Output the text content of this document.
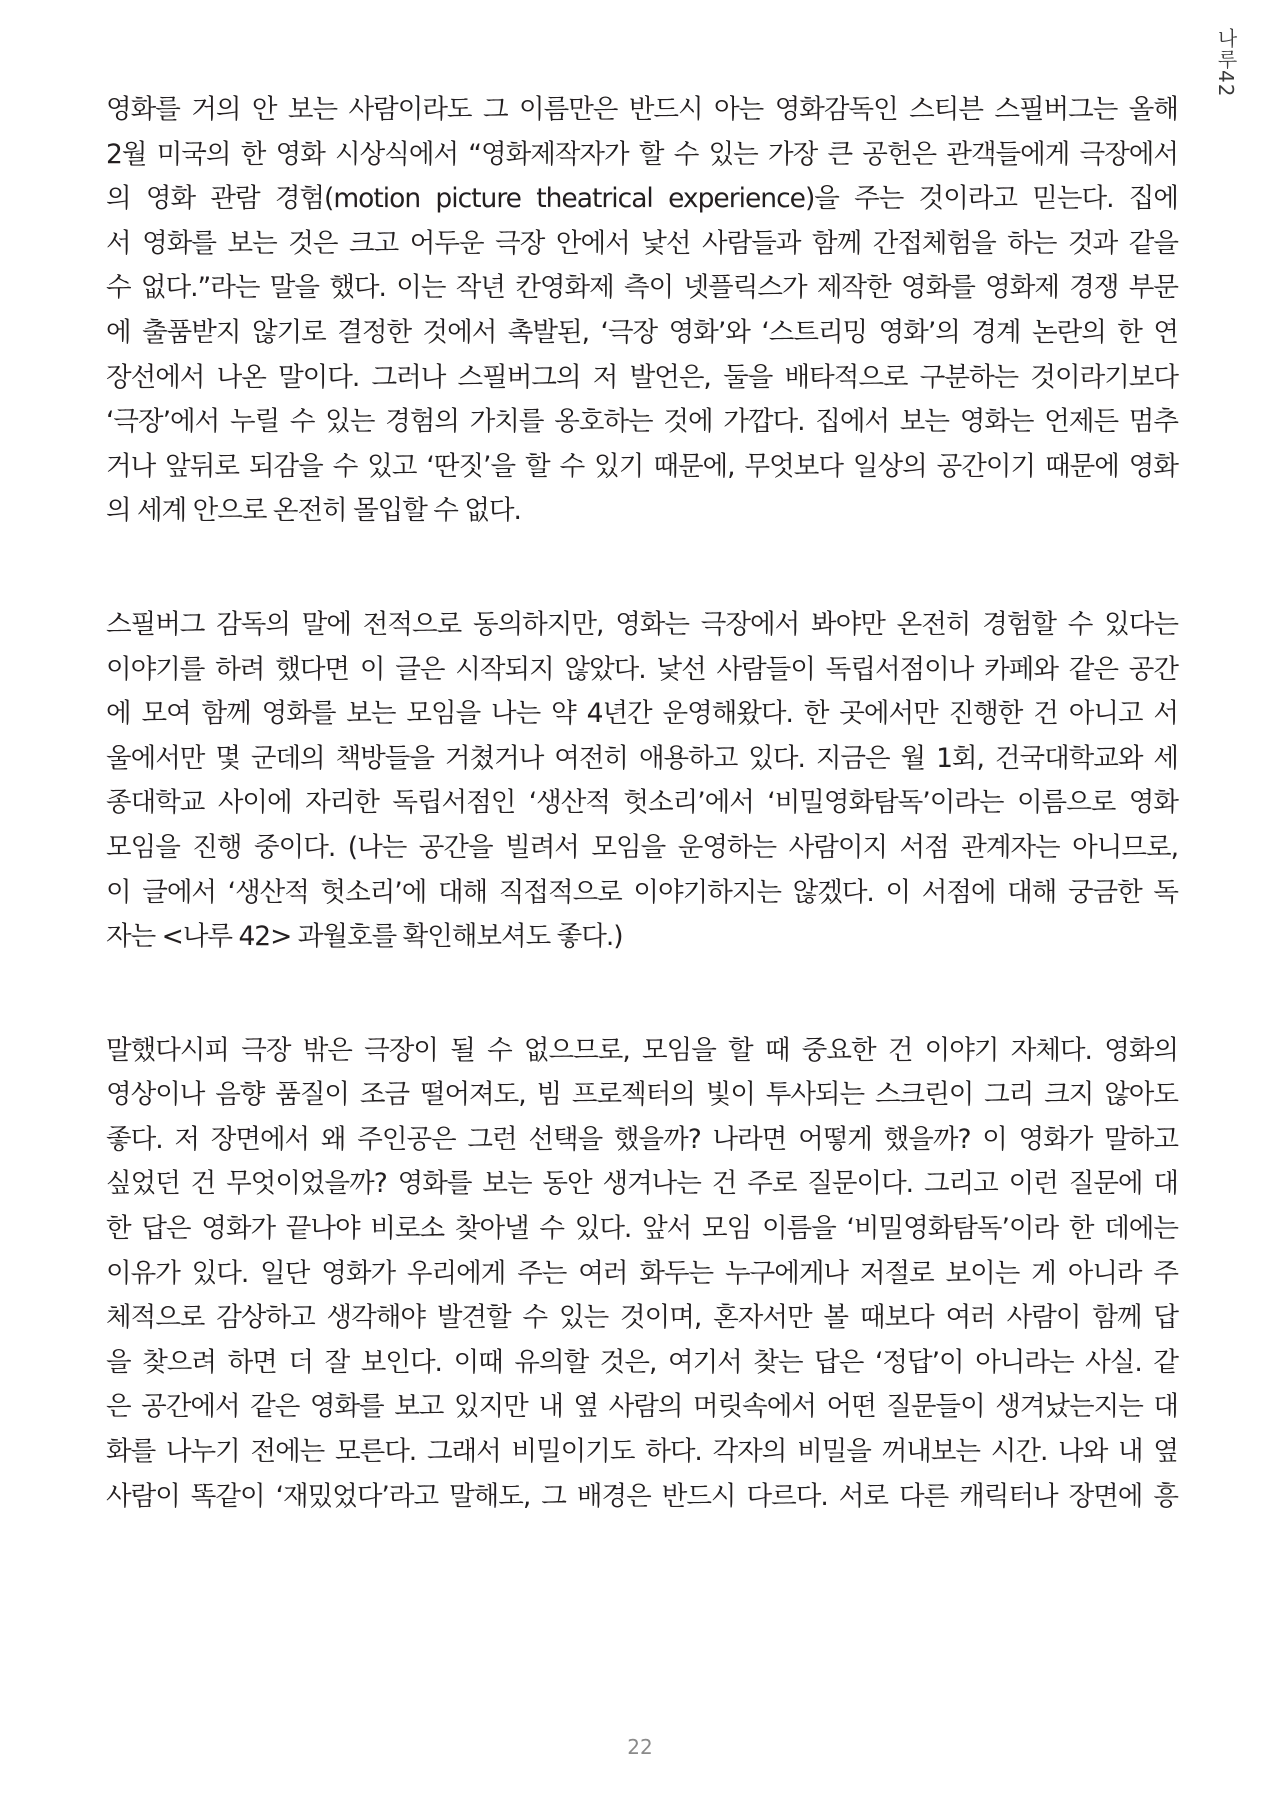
나루42
영화를 거의 안 보는 사람이라도 그 이름만은 반드시 아는 영화감독인 스티븐 스필버그는 올해
2월 미국의 한 영화 시상식에서 “영화제작자가 할 수 있는 가장 큰 공헌은 관객들에게 극장에서
의 영화 관람 경험(motion picture theatrical experience)을 주는 것이라고 믿는다. 집에
서 영화를 보는 것은 크고 어두운 극장 안에서 낯선 사람들과 함께 간접체험을 하는 것과 같을
수 없다.”라는 말을 했다. 이는 작년 칸영화제 측이 넷플릭스가 제작한 영화를 영화제 경쟁 부문
에 출품받지 않기로 결정한 것에서 촉발된, ‘극장 영화’와 ‘스트리밍 영화’의 경계 논란의 한 연
장선에서 나온 말이다. 그러나 스필버그의 저 발언은, 둘을 배타적으로 구분하는 것이라기보다
‘극장’에서 누릴 수 있는 경험의 가치를 옹호하는 것에 가깝다. 집에서 보는 영화는 언제든 멈추
거나 앞뒤로 되감을 수 있고 ‘딴짓’을 할 수 있기 때문에, 무엇보다 일상의 공간이기 때문에 영화
의 세계 안으로 온전히 몰입할 수 없다.
스필버그 감독의 말에 전적으로 동의하지만, 영화는 극장에서 봐야만 온전히 경험할 수 있다는
이야기를 하려 했다면 이 글은 시작되지 않았다. 낯선 사람들이 독립서점이나 카페와 같은 공간
에 모여 함께 영화를 보는 모임을 나는 약 4년간 운영해왔다. 한 곳에서만 진행한 건 아니고 서
울에서만 몇 군데의 책방들을 거쳤거나 여전히 애용하고 있다. 지금은 월 1회, 건국대학교와 세
종대학교 사이에 자리한 독립서점인 ‘생산적 헛소리’에서 ‘비밀영화탐독’이라는 이름으로 영화
모임을 진행 중이다. (나는 공간을 빌려서 모임을 운영하는 사람이지 서점 관계자는 아니므로,
이 글에서 ‘생산적 헛소리’에 대해 직접적으로 이야기하지는 않겠다. 이 서점에 대해 궁금한 독
자는 <나루 42> 과월호를 확인해보셔도 좋다.)
말했다시피 극장 밖은 극장이 될 수 없으므로, 모임을 할 때 중요한 건 이야기 자체다. 영화의
영상이나 음향 품질이 조금 떨어져도, 빔 프로젝터의 빛이 투사되는 스크린이 그리 크지 않아도
좋다. 저 장면에서 왜 주인공은 그런 선택을 했을까? 나라면 어떻게 했을까? 이 영화가 말하고
싶었던 건 무엇이었을까? 영화를 보는 동안 생겨나는 건 주로 질문이다. 그리고 이런 질문에 대
한 답은 영화가 끝나야 비로소 찾아낼 수 있다. 앞서 모임 이름을 ‘비밀영화탐독’이라 한 데에는
이유가 있다. 일단 영화가 우리에게 주는 여러 화두는 누구에게나 저절로 보이는 게 아니라 주
체적으로 감상하고 생각해야 발견할 수 있는 것이며, 혼자서만 볼 때보다 여러 사람이 함께 답
을 찾으려 하면 더 잘 보인다. 이때 유의할 것은, 여기서 찾는 답은 ‘정답’이 아니라는 사실. 같
은 공간에서 같은 영화를 보고 있지만 내 옆 사람의 머릿속에서 어떤 질문들이 생겨났는지는 대
화를 나누기 전에는 모른다. 그래서 비밀이기도 하다. 각자의 비밀을 꺼내보는 시간. 나와 내 옆
사람이 똑같이 ‘재밌었다’라고 말해도, 그 배경은 반드시 다르다. 서로 다른 캐릭터나 장면에 흥
22
